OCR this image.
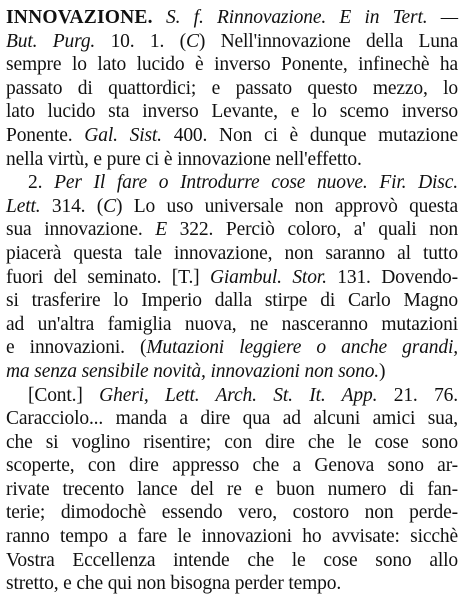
INNOVAZIONE. S. f. Rinnovazione. E in Tert. —
But. Purg. 10. 1. (C) Nell'innovazione della Luna
sempre lo lato lucido è inverso Ponente, infinechè ha
passato di quattordici; e passato questo mezzo, lo
lato lucido sta inverso Levante, e lo scemo inverso
Ponente. Gal. Sist. 400. Non ci è dunque mutazione
nella virtù, e pure ci è innovazione nell'effetto.
2. Per Il fare o Introdurre cose nuove. Fir. Disc.
Lett. 314. (C) Lo uso universale non approvò questa
sua innovazione. E 322. Perciò coloro, a' quali non
piacerà questa tale innovazione, non saranno al tutto
fuori del seminato. [T.] Giambul. Stor. 131. Dovendo-
si trasferire lo Imperio dalla stirpe di Carlo Magno
ad un'altra famiglia nuova, ne nasceranno mutazioni
e innovazioni. (Mutazioni leggiere o anche grandi,
ma senza sensibile novità, innovazioni non sono.)
[Cont.] Gheri, Lett. Arch. St. It. App. 21. 76.
Caracciolo... manda a dire qua ad alcuni amici sua,
che si voglino risentire; con dire che le cose sono
scoperte, con dire appresso che a Genova sono ar-
rivate trecento lance del re e buon numero di fan-
terie; dimodochè essendo vero, costoro non perde-
ranno tempo a fare le innovazioni ho avvisate: sicchè
Vostra Eccellenza intende che le cose sono allo
stretto, e che qui non bisogna perder tempo.
